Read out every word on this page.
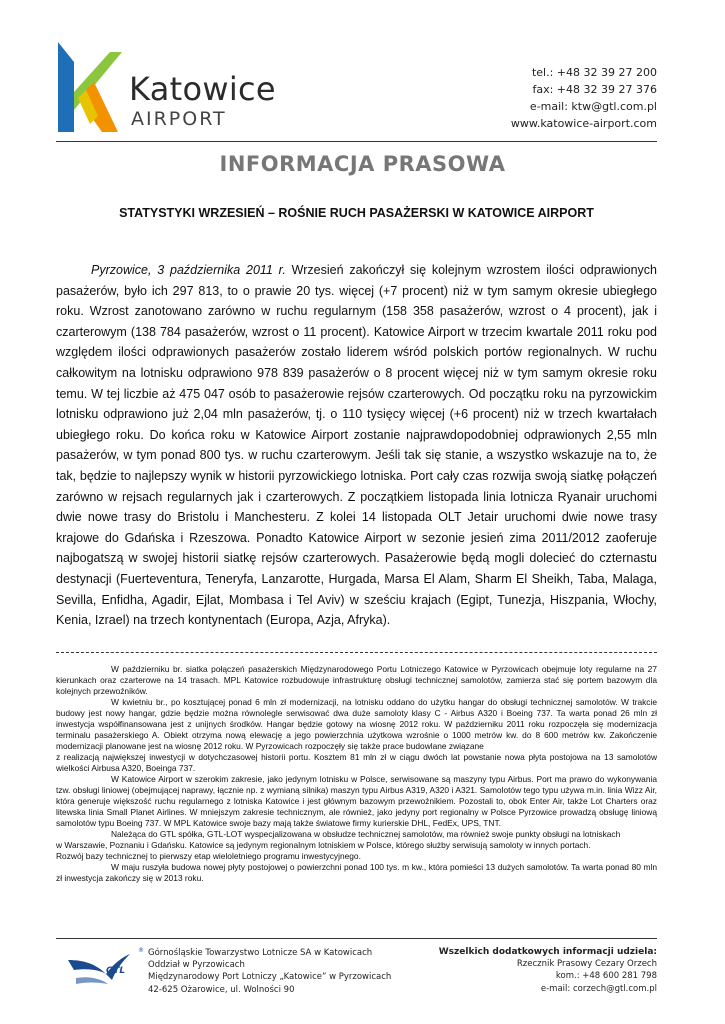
Katowice
AIRPORT
tel.: +48 32 39 27 200
fax: +48 32 39 27 376
e-mail: ktw@gtl.com.pl
www.katowice-airport.com
INFORMACJA PRASOWA
STATYSTYKI WRZESIEŃ – ROŚNIE RUCH PASAŻERSKI W KATOWICE AIRPORT

Pyrzowice, 3 października 2011 r. Wrzesień zakończył się kolejnym wzrostem ilości odprawionych pasażerów, było ich 297 813, to o prawie 20 tys. więcej (+7 procent) niż w tym samym okresie ubiegłego roku. Wzrost zanotowano zarówno w ruchu regularnym (158 358 pasażerów, wzrost o 4 procent), jak i czarterowym (138 784 pasażerów, wzrost o 11 procent). Katowice Airport w trzecim kwartale 2011 roku pod względem ilości odprawionych pasażerów zostało liderem wśród polskich portów regionalnych. W ruchu całkowitym na lotnisku odprawiono 978 839 pasażerów o 8 procent więcej niż w tym samym okresie roku temu. W tej liczbie aż 475 047 osób to pasażerowie rejsów czarterowych. Od początku roku na pyrzowickim lotnisku odprawiono już 2,04 mln pasażerów, tj. o 110 tysięcy więcej (+6 procent) niż w trzech kwartałach ubiegłego roku. Do końca roku w Katowice Airport zostanie najprawdopodobniej odprawionych 2,55 mln pasażerów, w tym ponad 800 tys. w ruchu czarterowym. Jeśli tak się stanie, a wszystko wskazuje na to, że tak, będzie to najlepszy wynik w historii pyrzowickiego lotniska. Port cały czas rozwija swoją siatkę połączeń zarówno w rejsach regularnych jak i czarterowych. Z początkiem listopada linia lotnicza Ryanair uruchomi dwie nowe trasy do Bristolu i Manchesteru. Z kolei 14 listopada OLT Jetair uruchomi dwie nowe trasy krajowe do Gdańska i Rzeszowa. Ponadto Katowice Airport w sezonie jesień zima 2011/2012 zaoferuje najbogatszą w swojej historii siatkę rejsów czarterowych. Pasażerowie będą mogli dolecieć do czternastu destynacji (Fuerteventura, Teneryfa, Lanzarotte, Hurgada, Marsa El Alam, Sharm El Sheikh, Taba, Malaga, Sevilla, Enfidha, Agadir, Ejlat, Mombasa i Tel Aviv) w sześciu krajach (Egipt, Tunezja, Hiszpania, Włochy, Kenia, Izrael) na trzech kontynentach (Europa, Azja, Afryka).

W październiku br. siatka połączeń pasażerskich Międzynarodowego Portu Lotniczego Katowice w Pyrzowicach obejmuje loty regularne na 27 kierunkach oraz czarterowe na 14 trasach. MPL Katowice rozbudowuje infrastrukturę obsługi technicznej samolotów, zamierza stać się portem bazowym dla kolejnych przewoźników.

W kwietniu br., po kosztującej ponad 6 mln zł modernizacji, na lotnisku oddano do użytku hangar do obsługi technicznej samolotów. W trakcie budowy jest nowy hangar, gdzie będzie można równolegle serwisować dwa duże samoloty klasy C - Airbus A320 i Boeing 737. Ta warta ponad 26 mln zł inwestycja współfinansowana jest z unijnych środków. Hangar będzie gotowy na wiosnę 2012 roku. W październiku 2011 roku rozpoczęła się modernizacja terminalu pasażerskiego A. Obiekt otrzyma nową elewację a jego powierzchnia użytkowa wzrośnie o 1000 metrów kw. do 8 600 metrów kw. Zakończenie modernizacji planowane jest na wiosnę 2012 roku. W Pyrzowicach rozpoczęły się także prace budowlane związane

z realizacją największej inwestycji w dotychczasowej historii portu. Kosztem 81 mln zł w ciągu dwóch lat powstanie nowa płyta postojowa na 13 samolotów wielkości Airbusa A320, Boeinga 737.

W Katowice Airport w szerokim zakresie, jako jedynym lotnisku w Polsce, serwisowane są maszyny typu Airbus. Port ma prawo do wykonywania tzw. obsługi liniowej (obejmującej naprawy, łącznie np. z wymianą silnika) maszyn typu Airbus A319, A320 i A321. Samolotów tego typu używa m.in. linia Wizz Air, która generuje większość ruchu regularnego z lotniska Katowice i jest głównym bazowym przewoźnikiem. Pozostali to, obok Enter Air, także Lot Charters oraz litewska linia Small Planet Airlines. W mniejszym zakresie technicznym, ale również, jako jedyny port regionalny w Polsce Pyrzowice prowadzą obsługę liniową samolotów typu Boeing 737. W MPL Katowice swoje bazy mają także światowe firmy kurierskie DHL, FedEx, UPS, TNT.

Należąca do GTL spółka, GTL-LOT wyspecjalizowana w obsłudze technicznej samolotów, ma również swoje punkty obsługi na lotniskach

w Warszawie, Poznaniu i Gdańsku. Katowice są jedynym regionalnym lotniskiem w Polsce, którego służby serwisują samoloty w innych portach.

Rozwój bazy technicznej to pierwszy etap wieloletniego programu inwestycyjnego.

W maju ruszyła budowa nowej płyty postojowej o powierzchni ponad 100 tys. m kw., która pomieści 13 dużych samolotów. Ta warta ponad 80 mln zł inwestycja zakończy się w 2013 roku.

GTL
® Górnośląskie Towarzystwo Lotnicze SA w Katowicach
Oddział w Pyrzowicach
Międzynarodowy Port Lotniczy „Katowice” w Pyrzowicach
42-625 Ożarowice, ul. Wolności 90
Wszelkich dodatkowych informacji udziela:
Rzecznik Prasowy Cezary Orzech
kom.: +48 600 281 798
e-mail: corzech@gtl.com.pl
